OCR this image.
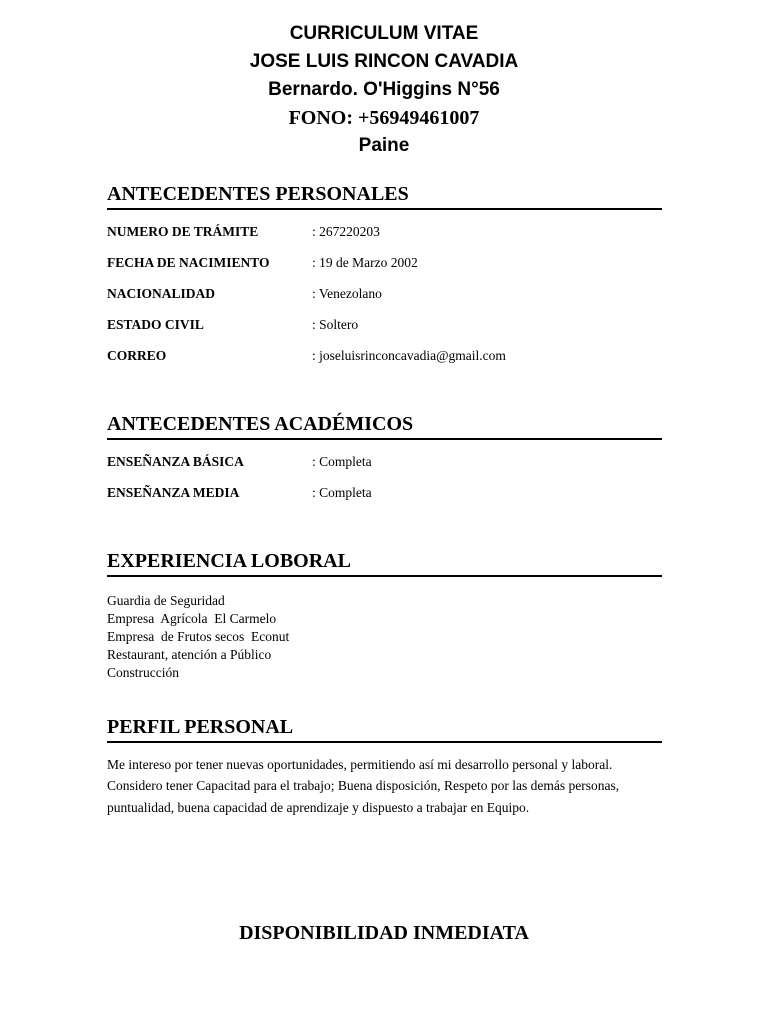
CURRICULUM VITAE
JOSE LUIS RINCON CAVADIA
Bernardo. O'Higgins N°56
FONO: +56949461007
Paine
ANTECEDENTES PERSONALES
NUMERO DE TRÁMITE	: 267220203
FECHA DE NACIMIENTO	: 19 de Marzo 2002
NACIONALIDAD	: Venezolano
ESTADO CIVIL	: Soltero
CORREO	: joseluisrinconcavadia@gmail.com
ANTECEDENTES ACADÉMICOS
ENSEÑANZA BÁSICA	: Completa
ENSEÑANZA MEDIA	: Completa
EXPERIENCIA LOBORAL
Guardia de Seguridad
Empresa  Agrícola  El Carmelo
Empresa  de Frutos secos  Econut
Restaurant, atención a Público
Construcción
PERFIL PERSONAL
Me intereso por tener nuevas oportunidades, permitiendo así mi desarrollo personal y laboral. Considero tener Capacitad para el trabajo; Buena disposición, Respeto por las demás personas, puntualidad, buena capacidad de aprendizaje y dispuesto a trabajar en Equipo.
DISPONIBILIDAD INMEDIATA
